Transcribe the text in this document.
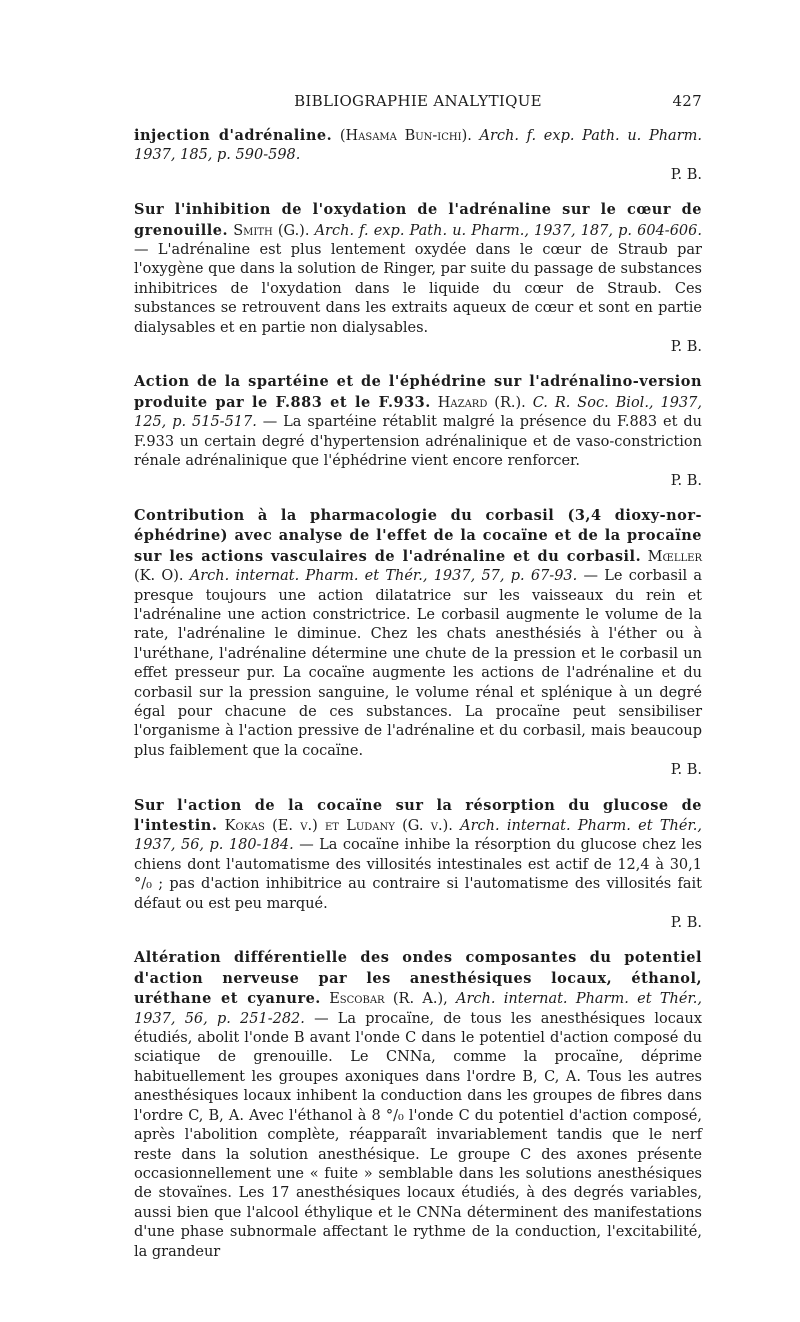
BIBLIOGRAPHIE ANALYTIQUE	427

injection d'adrénaline. (Hasama Bun-ichi). Arch. f. exp. Path. u. Pharm. 1937, 185, p. 590-598.
P. B.

Sur l'inhibition de l'oxydation de l'adrénaline sur le cœur de grenouille. Smith (G.). Arch. f. exp. Path. u. Pharm., 1937, 187, p. 604-606. — L'adrénaline est plus lentement oxydée dans le cœur de Straub par l'oxygène que dans la solution de Ringer, par suite du passage de substances inhibitrices de l'oxydation dans le liquide du cœur de Straub. Ces substances se retrouvent dans les extraits aqueux de cœur et sont en partie dialysables et en partie non dialysables.
P. B.

Action de la spartéine et de l'éphédrine sur l'adrénalino-version produite par le F.883 et le F.933. Hazard (R.). C. R. Soc. Biol., 1937, 125, p. 515-517. — La spartéine rétablit malgré la présence du F.883 et du F.933 un certain degré d'hypertension adrénalinique et de vaso-constriction rénale adrénalinique que l'éphédrine vient encore renforcer.
P. B.

Contribution à la pharmacologie du corbasil (3,4 dioxy-nor-éphédrine) avec analyse de l'effet de la cocaïne et de la procaïne sur les actions vasculaires de l'adrénaline et du corbasil. Mœller (K. O). Arch. internat. Pharm. et Thér., 1937, 57, p. 67-93. — Le corbasil a presque toujours une action dilatatrice sur les vaisseaux du rein et l'adrénaline une action constrictrice. Le corbasil augmente le volume de la rate, l'adrénaline le diminue. Chez les chats anesthésiés à l'éther ou à l'uréthane, l'adrénaline détermine une chute de la pression et le corbasil un effet presseur pur. La cocaïne augmente les actions de l'adrénaline et du corbasil sur la pression sanguine, le volume rénal et splénique à un degré égal pour chacune de ces substances. La procaïne peut sensibiliser l'organisme à l'action pressive de l'adrénaline et du corbasil, mais beaucoup plus faiblement que la cocaïne.
P. B.

Sur l'action de la cocaïne sur la résorption du glucose de l'intestin. Kokas (E. v.) et Ludany (G. v.). Arch. internat. Pharm. et Thér., 1937, 56, p. 180-184. — La cocaïne inhibe la résorption du glucose chez les chiens dont l'automatisme des villosités intestinales est actif de 12,4 à 30,1 °/₀ ; pas d'action inhibitrice au contraire si l'automatisme des villosités fait défaut ou est peu marqué.
P. B.

Altération différentielle des ondes composantes du potentiel d'action nerveuse par les anesthésiques locaux, éthanol, uréthane et cyanure. Escobar (R. A.), Arch. internat. Pharm. et Thér., 1937, 56, p. 251-282. — La procaïne, de tous les anesthésiques locaux étudiés, abolit l'onde B avant l'onde C dans le potentiel d'action composé du sciatique de grenouille. Le CNNa, comme la procaïne, déprime habituellement les groupes axoniques dans l'ordre B, C, A. Tous les autres anesthésiques locaux inhibent la conduction dans les groupes de fibres dans l'ordre C, B, A. Avec l'éthanol à 8 °/₀ l'onde C du potentiel d'action composé, après l'abolition complète, réapparaît invariablement tandis que le nerf reste dans la solution anesthésique. Le groupe C des axones présente occasionnellement une « fuite » semblable dans les solutions anesthésiques de stovaïnes. Les 17 anesthésiques locaux étudiés, à des degrés variables, aussi bien que l'alcool éthylique et le CNNa déterminent des manifestations d'une phase subnormale affectant le rythme de la conduction, l'excitabilité, la grandeur
